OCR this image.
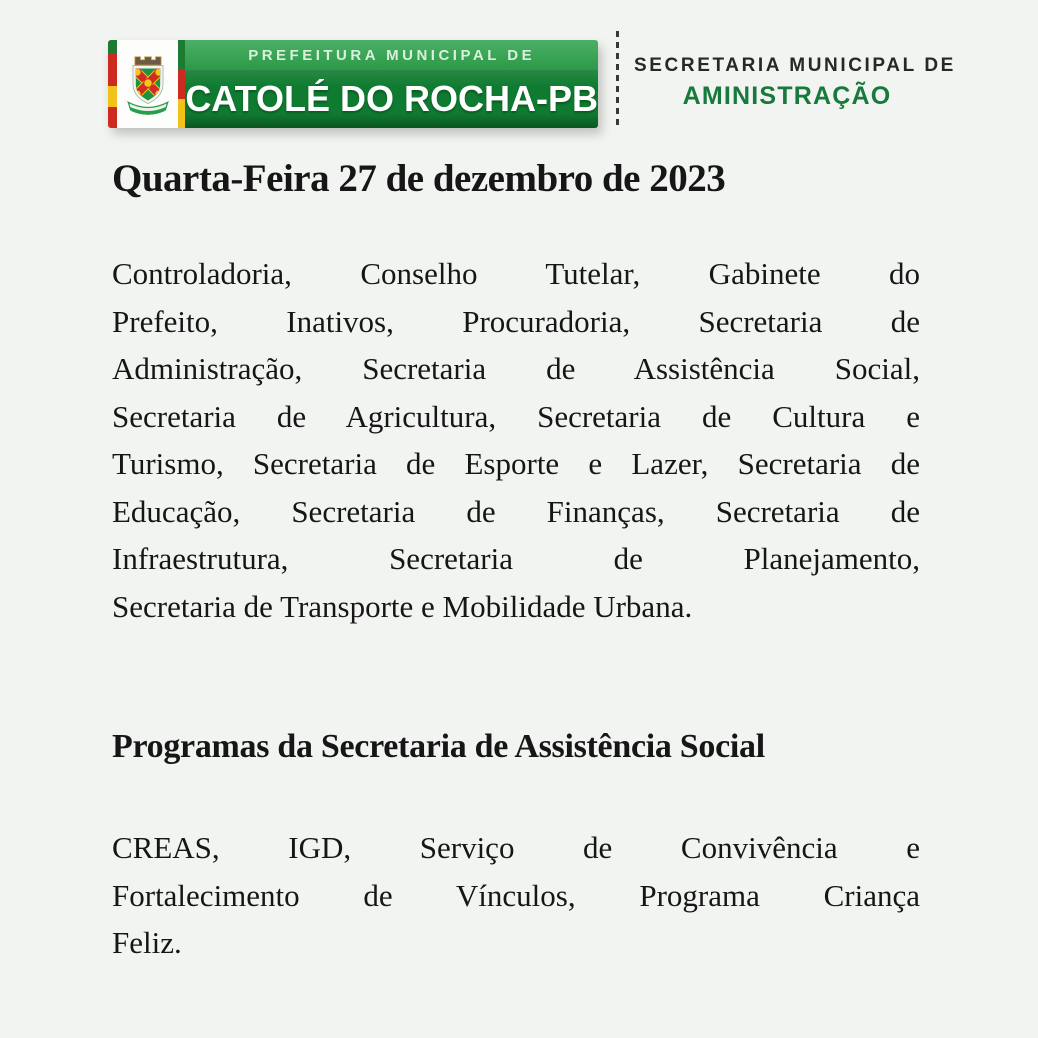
PREFEITURA MUNICIPAL DE
CATOLÉ DO ROCHA-PB
SECRETARIA MUNICIPAL DE
AMINISTRAÇÃO
Quarta-Feira 27 de dezembro de 2023
Controladoria, Conselho Tutelar, Gabinete do
Prefeito, Inativos, Procuradoria, Secretaria de
Administração, Secretaria de Assistência Social,
Secretaria de Agricultura, Secretaria de Cultura e
Turismo, Secretaria de Esporte e Lazer, Secretaria de
Educação, Secretaria de Finanças, Secretaria de
Infraestrutura, Secretaria de Planejamento,
Secretaria de Transporte e Mobilidade Urbana.
Programas da Secretaria de Assistência Social
CREAS, IGD, Serviço de Convivência e
Fortalecimento de Vínculos, Programa Criança
Feliz.
